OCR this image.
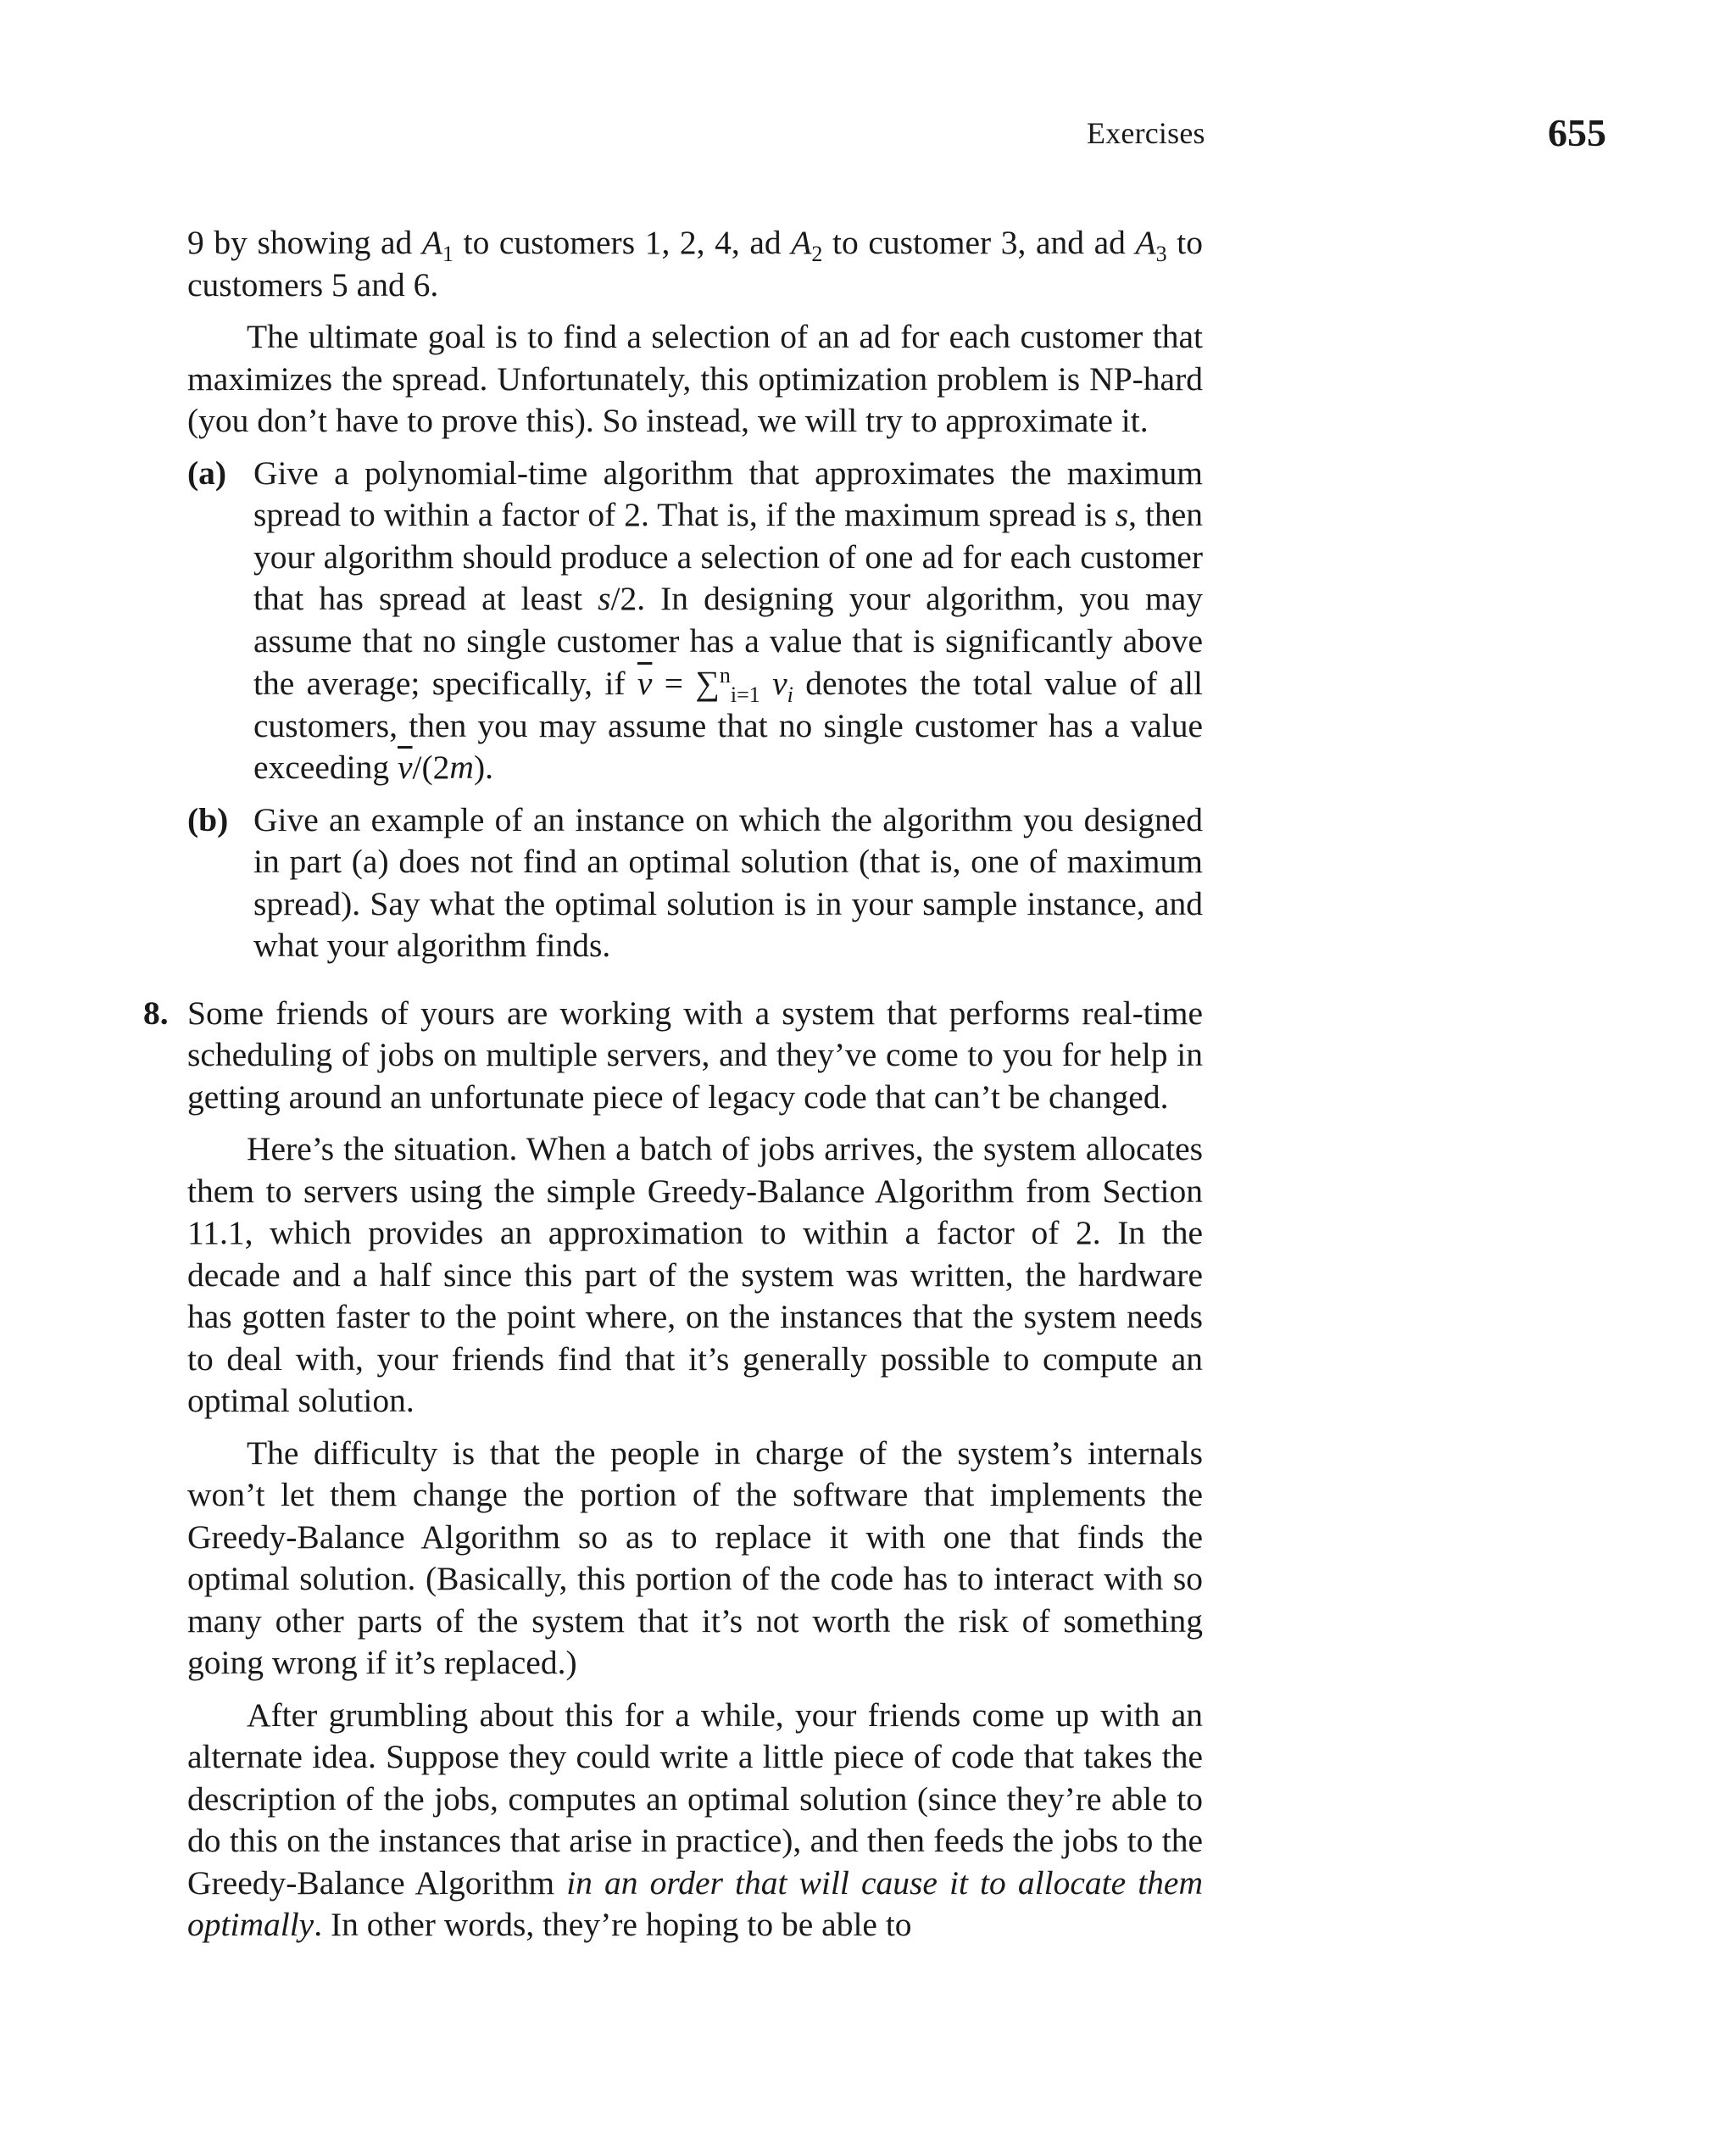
Exercises	655

9 by showing ad $A_1$ to customers 1, 2, 4, ad $A_2$ to customer 3, and ad $A_3$ to customers 5 and 6.

The ultimate goal is to find a selection of an ad for each customer that maximizes the spread. Unfortunately, this optimization problem is NP-hard (you don’t have to prove this). So instead, we will try to approximate it.

(a) Give a polynomial-time algorithm that approximates the maximum spread to within a factor of 2. That is, if the maximum spread is s, then your algorithm should produce a selection of one ad for each customer that has spread at least s/2. In designing your algorithm, you may assume that no single customer has a value that is significantly above the average; specifically, if $\overline{v} = \sum^n_{i=1}$ $v_i$ denotes the total value of all customers, then you may assume that no single customer has a value exceeding $\overline{v}/(2m)$.
(b) Give an example of an instance on which the algorithm you designed in part (a) does not find an optimal solution (that is, one of maximum spread). Say what the optimal solution is in your sample instance, and what your algorithm finds.
8. Some friends of yours are working with a system that performs real-time scheduling of jobs on multiple servers, and they’ve come to you for help in getting around an unfortunate piece of legacy code that can’t be changed.

Here’s the situation. When a batch of jobs arrives, the system allocates them to servers using the simple Greedy-Balance Algorithm from Section 11.1, which provides an approximation to within a factor of 2. In the decade and a half since this part of the system was written, the hardware has gotten faster to the point where, on the instances that the system needs to deal with, your friends find that it’s generally possible to compute an optimal solution.

The difficulty is that the people in charge of the system’s internals won’t let them change the portion of the software that implements the Greedy-Balance Algorithm so as to replace it with one that finds the optimal solution. (Basically, this portion of the code has to interact with so many other parts of the system that it’s not worth the risk of something going wrong if it’s replaced.)

After grumbling about this for a while, your friends come up with an alternate idea. Suppose they could write a little piece of code that takes the description of the jobs, computes an optimal solution (since they’re able to do this on the instances that arise in practice), and then feeds the jobs to the Greedy-Balance Algorithm in an order that will cause it to allocate them optimally. In other words, they’re hoping to be able to
